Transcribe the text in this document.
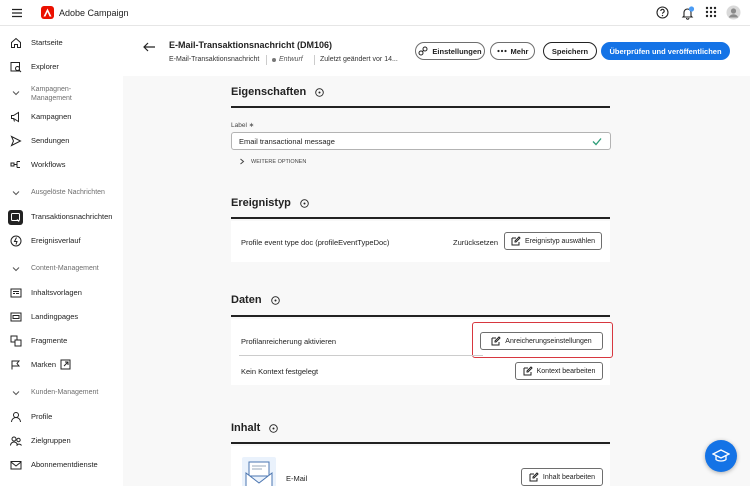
Adobe Campaign
Startseite
Explorer
Kampagnen-
Management
Kampagnen
Sendungen
Workflows
Ausgelöste Nachrichten
Transaktionsnachrichten
Ereignisverlauf
Content-Management
Inhaltsvorlagen
Landingpages
Fragmente
Marken
Kunden-Management
Profile
Zielgruppen
Abonnementdienste
E-Mail-Transaktionsnachricht (DM106)
E-Mail-Transaktionsnachricht	Entwurf Zuletzt geändert vor 14...
Einstellungen	Mehr	Speichern	Überprüfen und veröffentlichen
Eigenschaften
Label ∗
Email transactional message
WEITERE OPTIONEN
Ereignistyp
Profile event type doc (profileEventTypeDoc)	Zurücksetzen	Ereignistyp auswählen
Daten
Profilanreicherung aktivieren	Anreicherungseinstellungen
Kein Kontext festgelegt	Kontext bearbeiten
Inhalt
E-Mail	Inhalt bearbeiten
